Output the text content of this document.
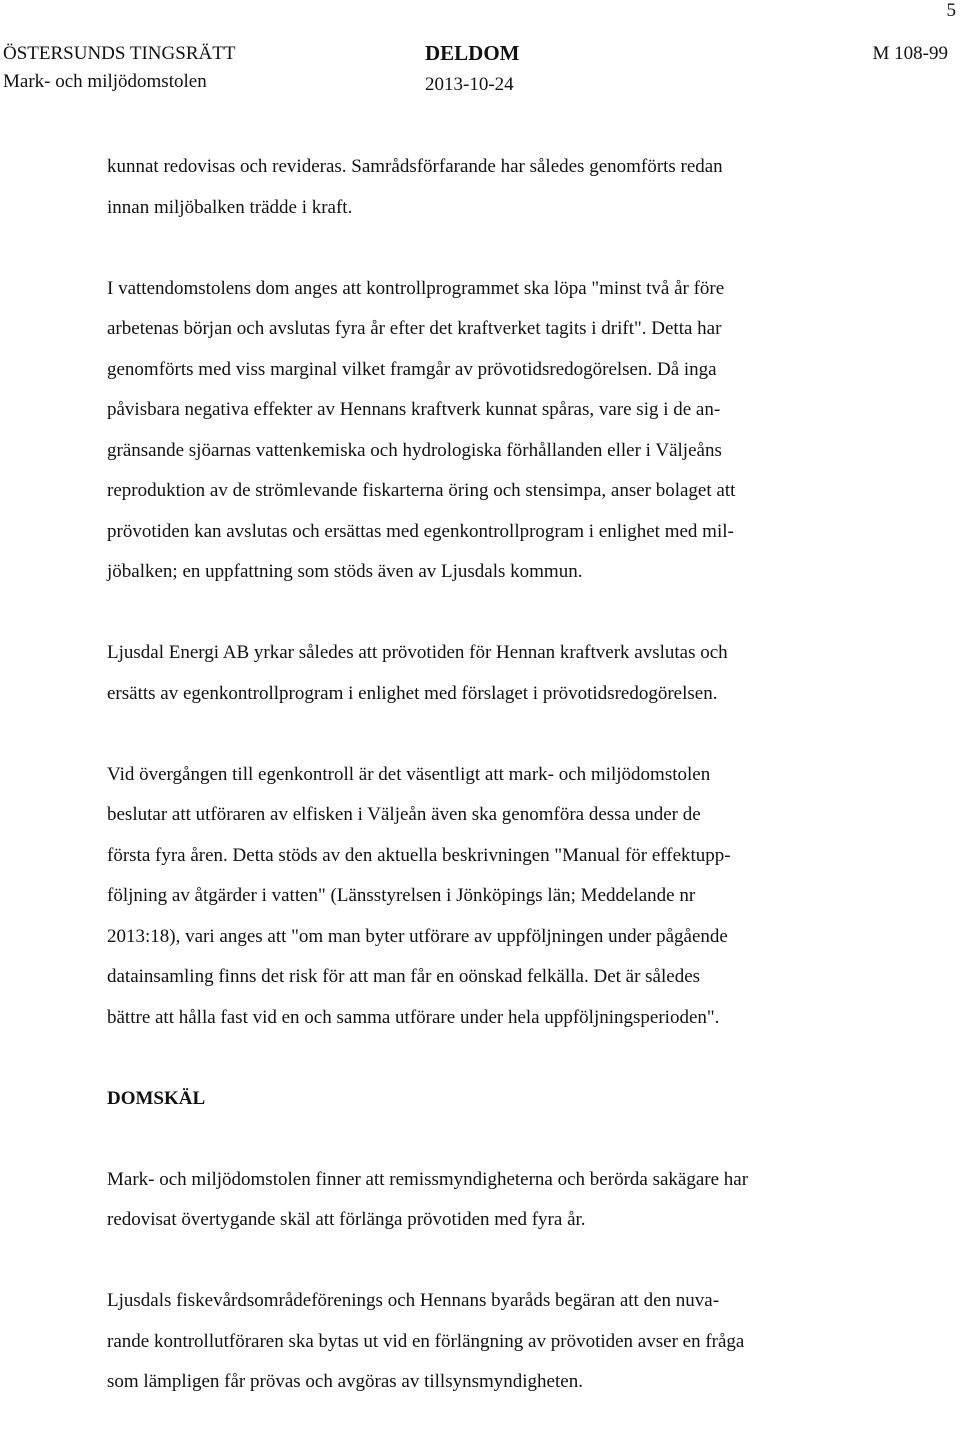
5
ÖSTERSUNDS TINGSRÄTT
Mark- och miljödomstolen
DELDOM
2013-10-24
M 108-99

kunnat redovisas och revideras. Samrådsförfarande har således genomförts redan
innan miljöbalken trädde i kraft.

I vattendomstolens dom anges att kontrollprogrammet ska löpa "minst två år före
arbetenas början och avslutas fyra år efter det kraftverket tagits i drift". Detta har
genomförts med viss marginal vilket framgår av prövotidsredogörelsen. Då inga
påvisbara negativa effekter av Hennans kraftverk kunnat spåras, vare sig i de an-
gränsande sjöarnas vattenkemiska och hydrologiska förhållanden eller i Väljeåns
reproduktion av de strömlevande fiskarterna öring och stensimpa, anser bolaget att
prövotiden kan avslutas och ersättas med egenkontrollprogram i enlighet med mil-
jöbalken; en uppfattning som stöds även av Ljusdals kommun.

Ljusdal Energi AB yrkar således att prövotiden för Hennan kraftverk avslutas och
ersätts av egenkontrollprogram i enlighet med förslaget i prövotidsredogörelsen.

Vid övergången till egenkontroll är det väsentligt att mark- och miljödomstolen
beslutar att utföraren av elfisken i Väljeån även ska genomföra dessa under de
första fyra åren. Detta stöds av den aktuella beskrivningen "Manual för effektupp-
följning av åtgärder i vatten" (Länsstyrelsen i Jönköpings län; Meddelande nr
2013:18), vari anges att "om man byter utförare av uppföljningen under pågående
datainsamling finns det risk för att man får en oönskad felkälla. Det är således
bättre att hålla fast vid en och samma utförare under hela uppföljningsperioden".

DOMSKÄL

Mark- och miljödomstolen finner att remissmyndigheterna och berörda sakägare har
redovisat övertygande skäl att förlänga prövotiden med fyra år.

Ljusdals fiskevårdsområdeförenings och Hennans byaråds begäran att den nuva-
rande kontrollutföraren ska bytas ut vid en förlängning av prövotiden avser en fråga
som lämpligen får prövas och avgöras av tillsynsmyndigheten.
